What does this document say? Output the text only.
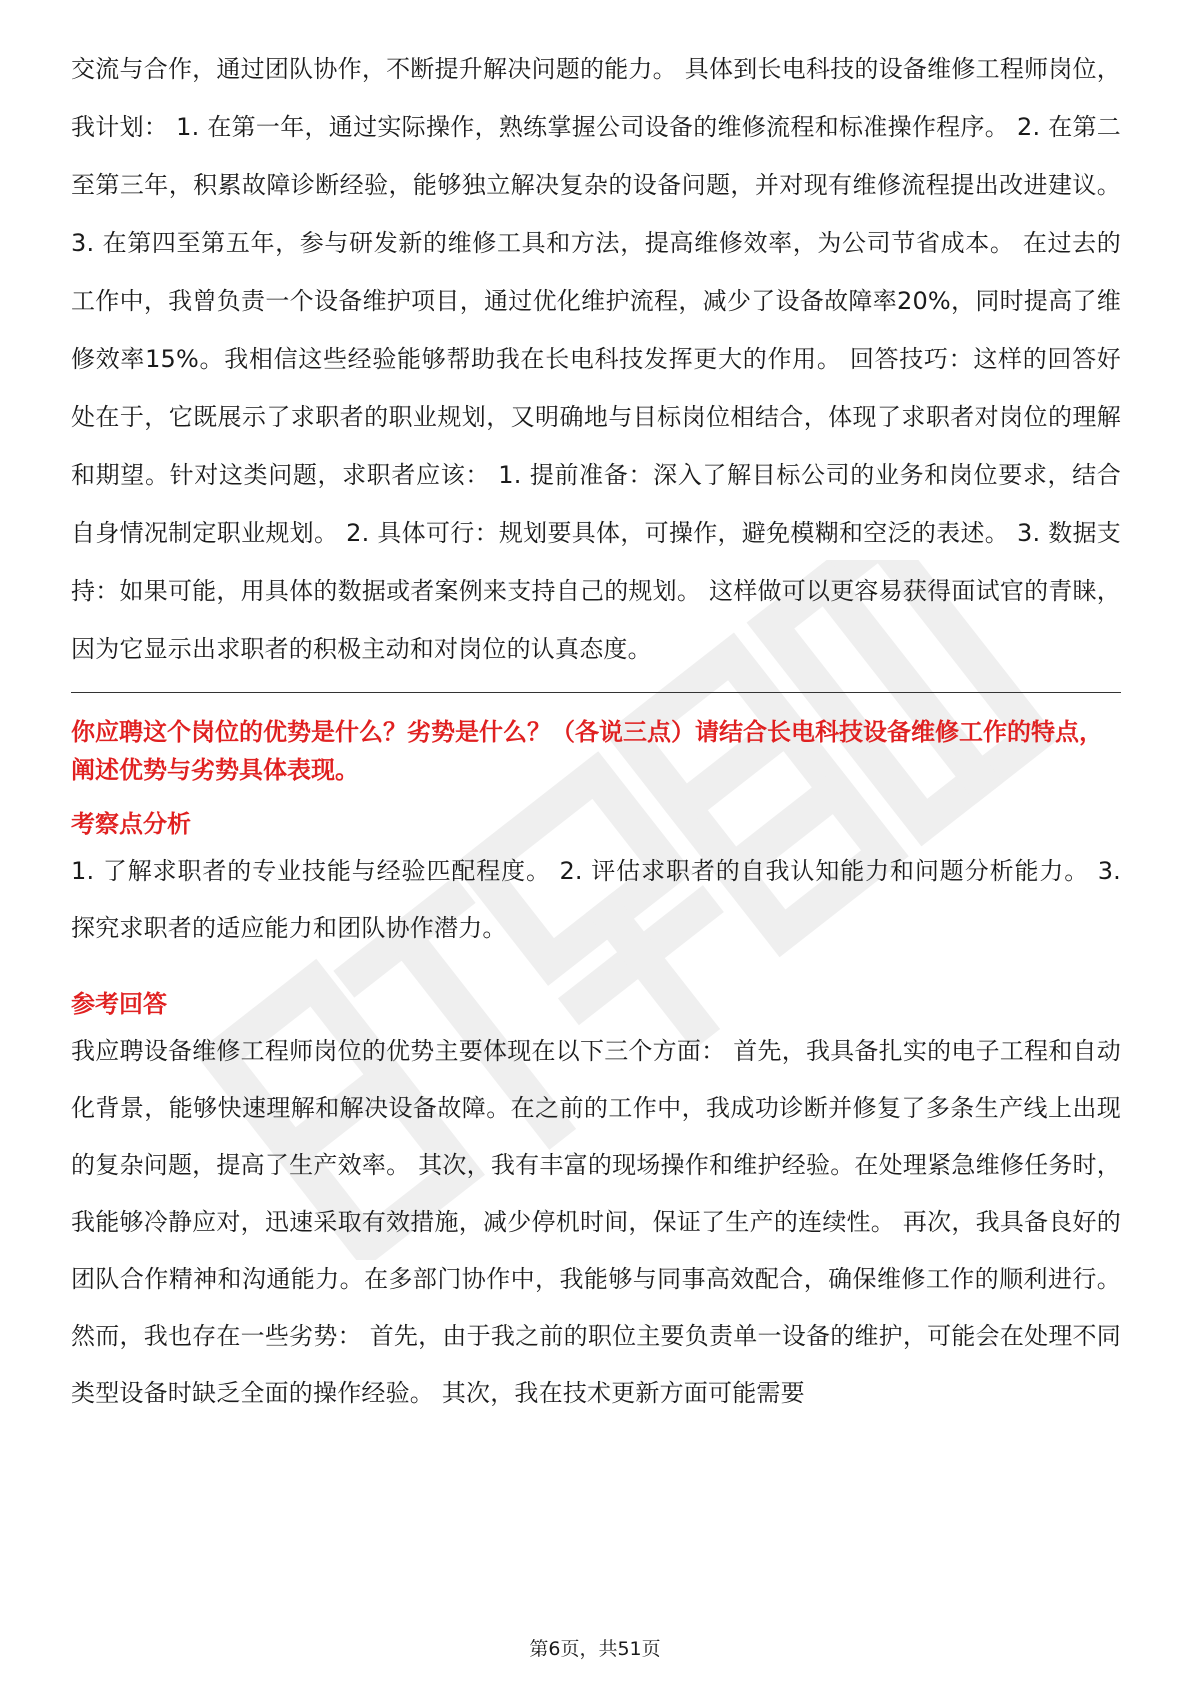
交流与合作，通过团队协作，不断提升解决问题的能力。 具体到长电科技的设备维修工程师岗位，我计划： 1. 在第一年，通过实际操作，熟练掌握公司设备的维修流程和标准操作程序。 2. 在第二至第三年，积累故障诊断经验，能够独立解决复杂的设备问题，并对现有维修流程提出改进建议。 3. 在第四至第五年，参与研发新的维修工具和方法，提高维修效率，为公司节省成本。 在过去的工作中，我曾负责一个设备维护项目，通过优化维护流程，减少了设备故障率20%，同时提高了维修效率15%。我相信这些经验能够帮助我在长电科技发挥更大的作用。 回答技巧：这样的回答好处在于，它既展示了求职者的职业规划，又明确地与目标岗位相结合，体现了求职者对岗位的理解和期望。针对这类问题，求职者应该： 1. 提前准备：深入了解目标公司的业务和岗位要求，结合自身情况制定职业规划。 2. 具体可行：规划要具体，可操作，避免模糊和空泛的表述。 3. 数据支持：如果可能，用具体的数据或者案例来支持自己的规划。 这样做可以更容易获得面试官的青睐，因为它显示出求职者的积极主动和对岗位的认真态度。

你应聘这个岗位的优势是什么？劣势是什么？（各说三点）请结合长电科技设备维修工作的特点，阐述优势与劣势具体表现。

考察点分析

1. 了解求职者的专业技能与经验匹配程度。 2. 评估求职者的自我认知能力和问题分析能力。 3. 探究求职者的适应能力和团队协作潜力。

参考回答

我应聘设备维修工程师岗位的优势主要体现在以下三个方面： 首先，我具备扎实的电子工程和自动化背景，能够快速理解和解决设备故障。在之前的工作中，我成功诊断并修复了多条生产线上出现的复杂问题，提高了生产效率。 其次，我有丰富的现场操作和维护经验。在处理紧急维修任务时，我能够冷静应对，迅速采取有效措施，减少停机时间，保证了生产的连续性。 再次，我具备良好的团队合作精神和沟通能力。在多部门协作中，我能够与同事高效配合，确保维修工作的顺利进行。 然而，我也存在一些劣势： 首先，由于我之前的职位主要负责单一设备的维护，可能会在处理不同类型设备时缺乏全面的操作经验。 其次，我在技术更新方面可能需要

第6页，共51页
